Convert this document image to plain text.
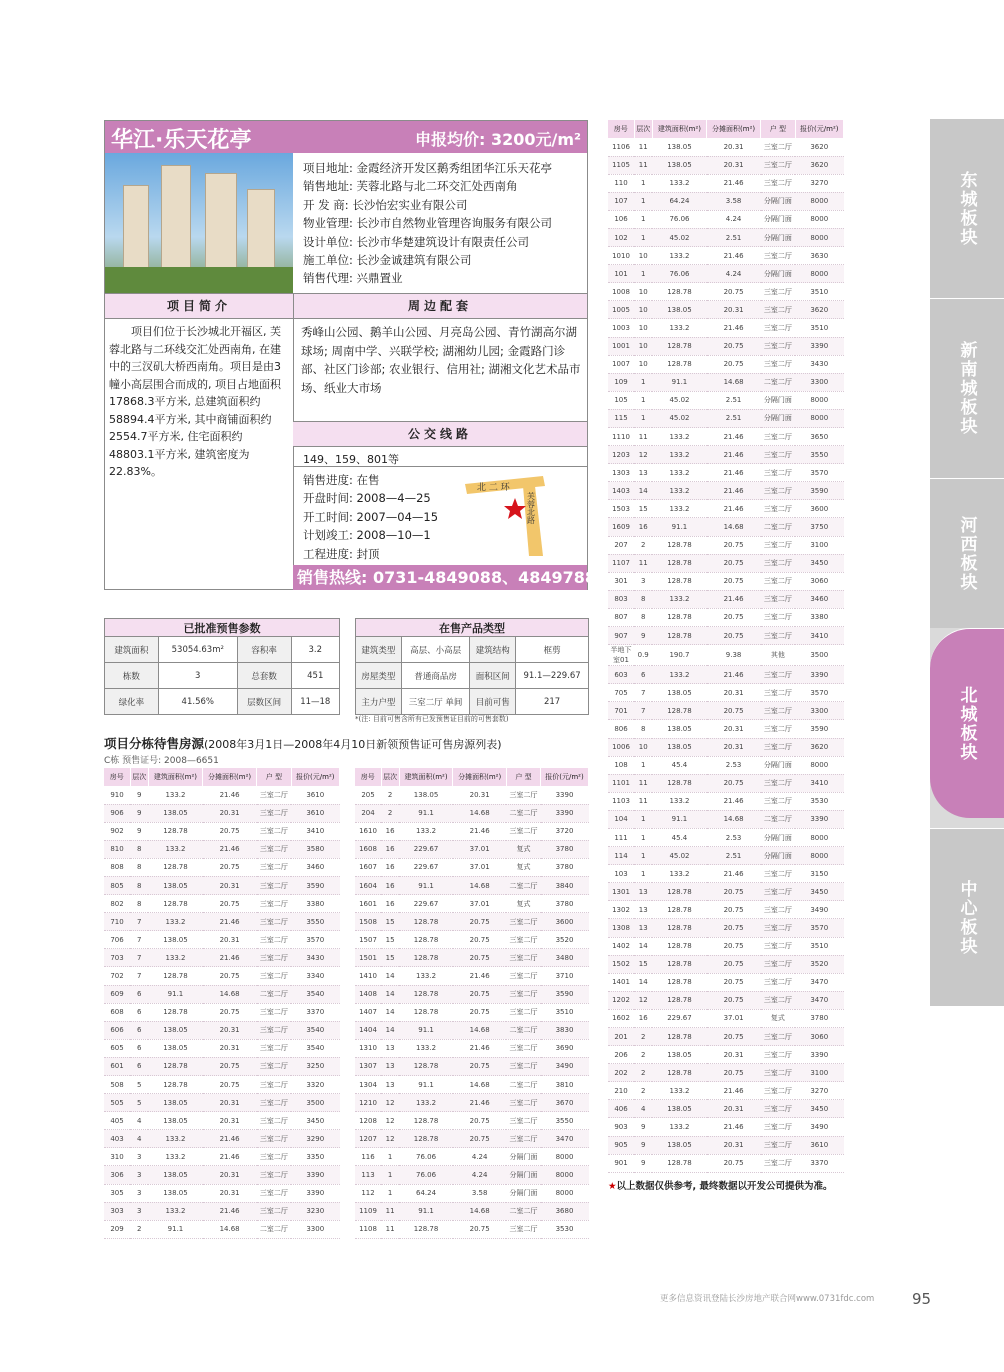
华江·乐天花亭	申报均价: 3200元/m²
项目地址: 金霞经济开发区鹅秀组团华江乐天花亭
销售地址: 芙蓉北路与北二环交汇处西南角
开 发 商: 长沙怡宏实业有限公司
物业管理: 长沙市自然物业管理咨询服务有限公司
设计单位: 长沙市华楚建筑设计有限责任公司
施工单位: 长沙金诚建筑有限公司
销售代理: 兴鼎置业
项目简介	周边配套
项目们位于长沙城北开福区, 芙蓉北路与二环线交汇处西南角, 在建中的三汊矶大桥西南角。项目是由3幢小高层围合而成的, 项目占地面积17868.3平方米, 总建筑面积约58894.4平方米, 其中商铺面积约2554.7平方米, 住宅面积约48803.1平方米, 建筑密度为22.83%。
秀峰山公园、鹅羊山公园、月亮岛公园、青竹湖高尔湖球场; 周南中学、兴联学校; 湖湘幼儿园; 金霞路门诊部、社区门诊部; 农业银行、信用社; 湖湘文化艺术品市场、纸业大市场
公交线路
149、159、801等
销售进度: 在售
开盘时间: 2008—4—25
开工时间: 2007—04—15
计划竣工: 2008—10—1
工程进度: 封顶
北 二 环
芙蓉北路
销售热线: 0731-4849088、4849788
已批准预售参数			
建筑面积	53054.63m²	容积率	3.2
栋数	3	总套数	451
绿化率	41.56%	层数区间	11—18
在售产品类型			
建筑类型	高层、小高层	建筑结构	框剪
房屋类型	普通商品房	面积区间	91.1—229.67
主力户型	三室二厅 单间	目前可售	217
*(注: 目前可售含所有已发预售证目前的可售套数)
项目分栋待售房源(2008年3月1日—2008年4月10日新领预售证可售房源列表)
C栋 预售证号: 2008—6651
房号	层次	建筑面积(m²)	分摊面积(m²)	户 型	报价(元/m²)
910	9	133.2	21.46	三室二厅	3610
906	9	138.05	20.31	三室二厅	3610
902	9	128.78	20.75	三室二厅	3410
810	8	133.2	21.46	三室二厅	3580
808	8	128.78	20.75	三室二厅	3460
805	8	138.05	20.31	三室二厅	3590
802	8	128.78	20.75	三室二厅	3380
710	7	133.2	21.46	三室二厅	3550
706	7	138.05	20.31	三室二厅	3570
703	7	133.2	21.46	三室二厅	3430
702	7	128.78	20.75	三室二厅	3340
609	6	91.1	14.68	二室二厅	3540
608	6	128.78	20.75	三室二厅	3370
606	6	138.05	20.31	三室二厅	3540
605	6	138.05	20.31	三室二厅	3540
601	6	128.78	20.75	三室二厅	3250
508	5	128.78	20.75	三室二厅	3320
505	5	138.05	20.31	三室二厅	3500
405	4	138.05	20.31	三室二厅	3450
403	4	133.2	21.46	三室二厅	3290
310	3	133.2	21.46	三室二厅	3350
306	3	138.05	20.31	三室二厅	3390
305	3	138.05	20.31	三室二厅	3390
303	3	133.2	21.46	三室二厅	3230
209	2	91.1	14.68	二室二厅	3300
房号	层次	建筑面积(m²)	分摊面积(m²)	户 型	报价(元/m²)
205	2	138.05	20.31	三室二厅	3390
204	2	91.1	14.68	二室二厅	3390
1610	16	133.2	21.46	三室二厅	3720
1608	16	229.67	37.01	复式	3780
1607	16	229.67	37.01	复式	3780
1604	16	91.1	14.68	二室二厅	3840
1601	16	229.67	37.01	复式	3780
1508	15	128.78	20.75	三室二厅	3600
1507	15	128.78	20.75	三室二厅	3520
1501	15	128.78	20.75	三室二厅	3480
1410	14	133.2	21.46	三室二厅	3710
1408	14	128.78	20.75	三室二厅	3590
1407	14	128.78	20.75	三室二厅	3510
1404	14	91.1	14.68	二室二厅	3830
1310	13	133.2	21.46	三室二厅	3690
1307	13	128.78	20.75	三室二厅	3490
1304	13	91.1	14.68	二室二厅	3810
1210	12	133.2	21.46	三室二厅	3670
1208	12	128.78	20.75	三室二厅	3550
1207	12	128.78	20.75	三室二厅	3470
116	1	76.06	4.24	分隔门面	8000
113	1	76.06	4.24	分隔门面	8000
112	1	64.24	3.58	分隔门面	8000
1109	11	91.1	14.68	二室二厅	3680
1108	11	128.78	20.75	三室二厅	3530
房号	层次	建筑面积(m²)	分摊面积(m²)	户 型	报价(元/m²)
1106	11	138.05	20.31	三室二厅	3620
1105	11	138.05	20.31	三室二厅	3620
110	1	133.2	21.46	三室二厅	3270
107	1	64.24	3.58	分隔门面	8000
106	1	76.06	4.24	分隔门面	8000
102	1	45.02	2.51	分隔门面	8000
1010	10	133.2	21.46	三室二厅	3630
101	1	76.06	4.24	分隔门面	8000
1008	10	128.78	20.75	三室二厅	3510
1005	10	138.05	20.31	三室二厅	3620
1003	10	133.2	21.46	三室二厅	3510
1001	10	128.78	20.75	三室二厅	3390
1007	10	128.78	20.75	三室二厅	3430
109	1	91.1	14.68	二室二厅	3300
105	1	45.02	2.51	分隔门面	8000
115	1	45.02	2.51	分隔门面	8000
1110	11	133.2	21.46	三室二厅	3650
1203	12	133.2	21.46	三室二厅	3550
1303	13	133.2	21.46	三室二厅	3570
1403	14	133.2	21.46	三室二厅	3590
1503	15	133.2	21.46	三室二厅	3600
1609	16	91.1	14.68	二室二厅	3750
207	2	128.78	20.75	三室二厅	3100
1107	11	128.78	20.75	三室二厅	3450
301	3	128.78	20.75	三室二厅	3060
803	8	133.2	21.46	三室二厅	3460
807	8	128.78	20.75	三室二厅	3380
907	9	128.78	20.75	三室二厅	3410
半地下室01	0.9	190.7	9.38	其他	3500
603	6	133.2	21.46	三室二厅	3390
705	7	138.05	20.31	三室二厅	3570
701	7	128.78	20.75	三室二厅	3300
806	8	138.05	20.31	三室二厅	3590
1006	10	138.05	20.31	三室二厅	3620
108	1	45.4	2.53	分隔门面	8000
1101	11	128.78	20.75	三室二厅	3410
1103	11	133.2	21.46	三室二厅	3530
104	1	91.1	14.68	二室二厅	3390
111	1	45.4	2.53	分隔门面	8000
114	1	45.02	2.51	分隔门面	8000
103	1	133.2	21.46	三室二厅	3150
1301	13	128.78	20.75	三室二厅	3450
1302	13	128.78	20.75	三室二厅	3490
1308	13	128.78	20.75	三室二厅	3570
1402	14	128.78	20.75	三室二厅	3510
1502	15	128.78	20.75	三室二厅	3520
1401	14	128.78	20.75	三室二厅	3470
1202	12	128.78	20.75	三室二厅	3470
1602	16	229.67	37.01	复式	3780
201	2	128.78	20.75	三室二厅	3060
206	2	138.05	20.31	三室二厅	3390
202	2	128.78	20.75	三室二厅	3100
210	2	133.2	21.46	三室二厅	3270
406	4	138.05	20.31	三室二厅	3450
903	9	133.2	21.46	三室二厅	3490
905	9	138.05	20.31	三室二厅	3610
901	9	128.78	20.75	三室二厅	3370
★以上数据仅供参考, 最终数据以开发公司提供为准。
东城板块
新南城板块
河西板块
北城板块
中心板块
更多信息资讯登陆长沙房地产联合网www.0731fdc.com	95
